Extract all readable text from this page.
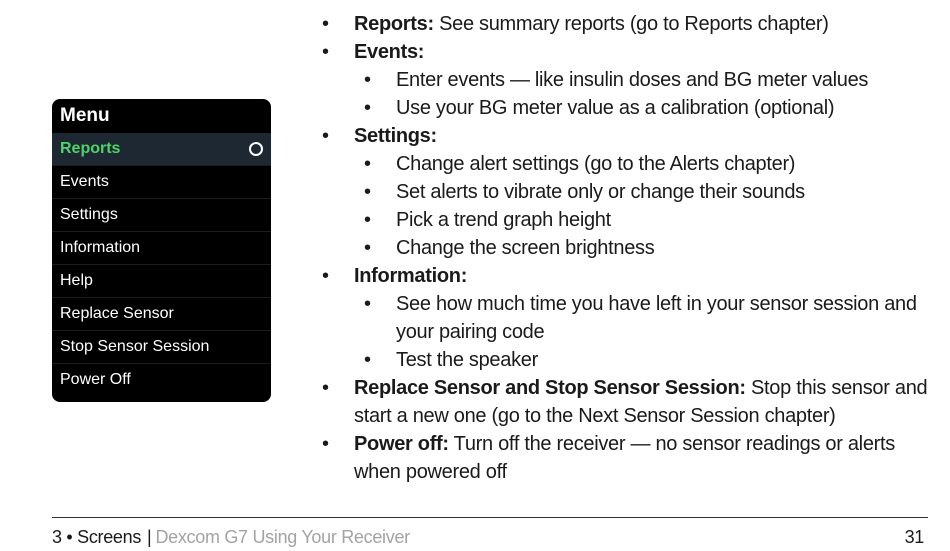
Menu
Reports
Events
Settings
Information
Help
Replace Sensor
Stop Sensor Session
Power Off
• Reports: See summary reports (go to Reports chapter)
• Events:
• Enter events — like insulin doses and BG meter values
• Use your BG meter value as a calibration (optional)
• Settings:
• Change alert settings (go to the Alerts chapter)
• Set alerts to vibrate only or change their sounds
• Pick a trend graph height
• Change the screen brightness
• Information:
• See how much time you have left in your sensor session and your pairing code
• Test the speaker
• Replace Sensor and Stop Sensor Session: Stop this sensor and start a new one (go to the Next Sensor Session chapter)
• Power off: Turn off the receiver — no sensor readings or alerts when powered off
3 • Screens | Dexcom G7 Using Your Receiver	31
